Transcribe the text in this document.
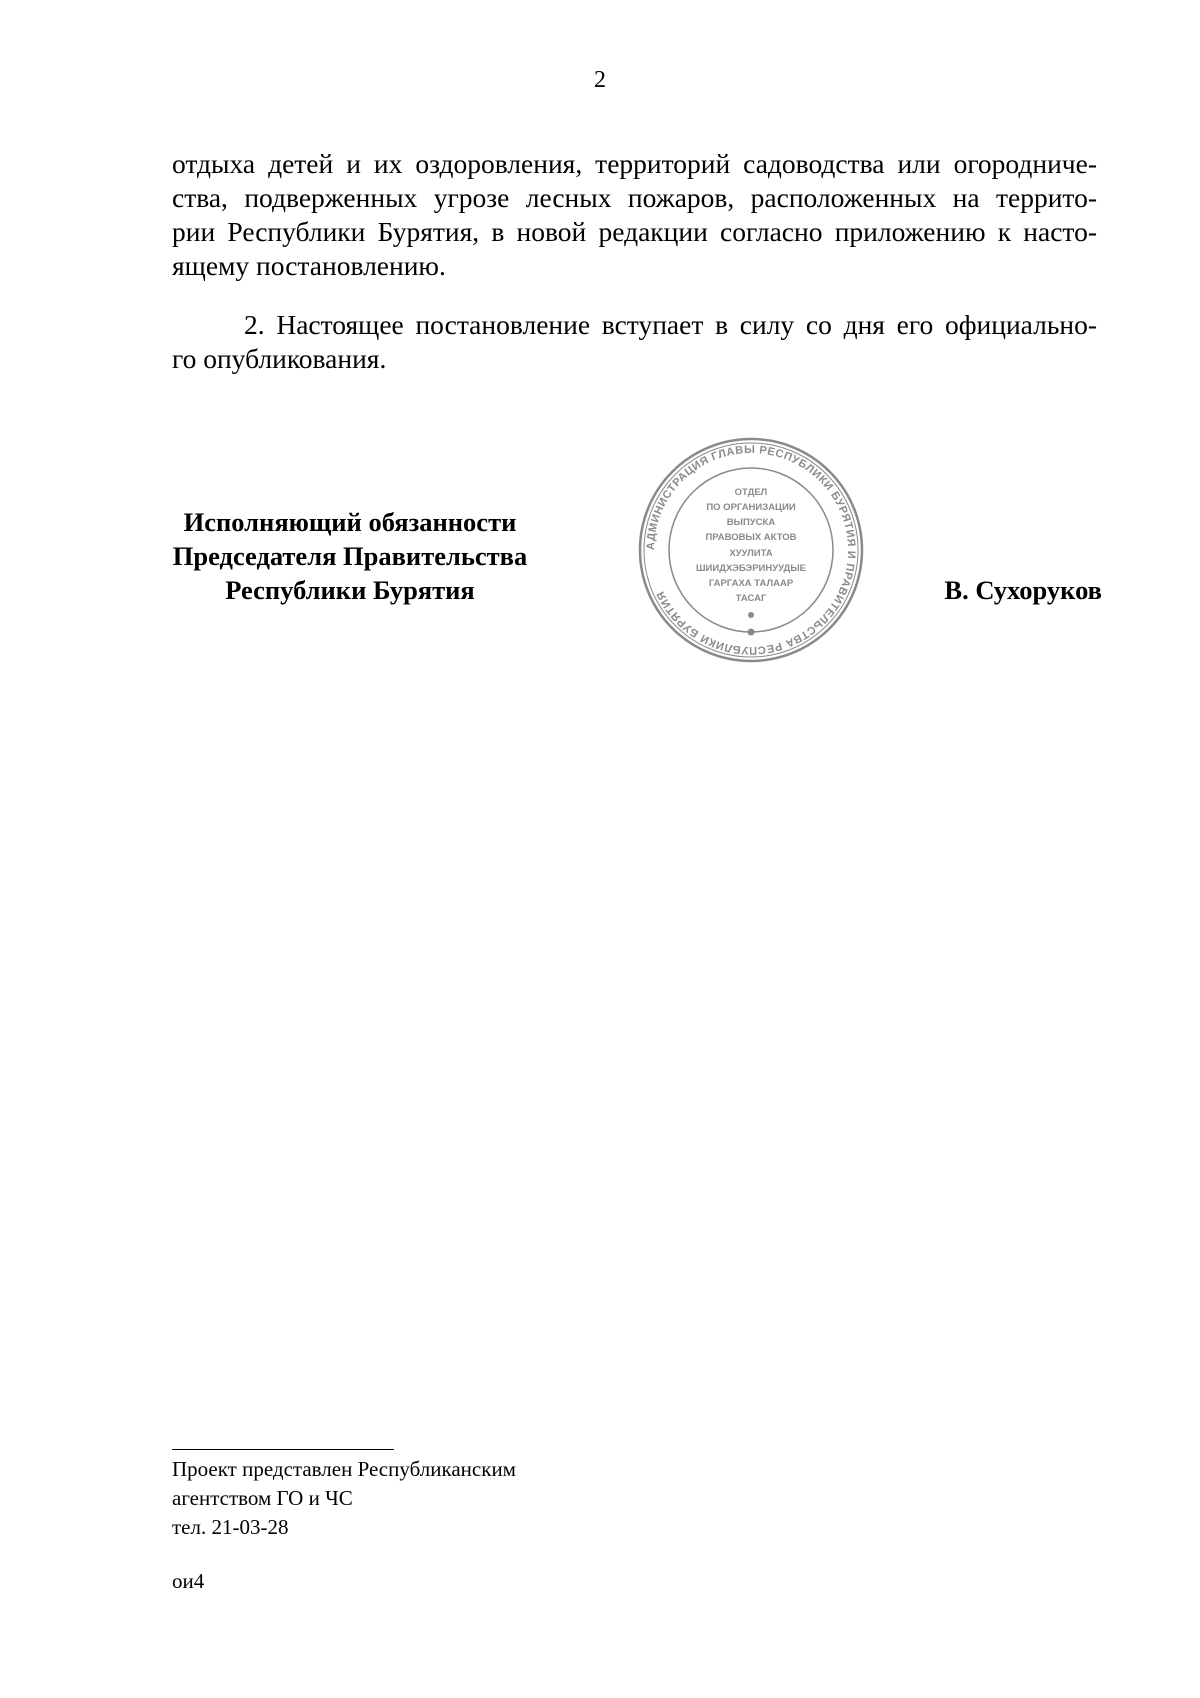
2
отдыха детей и их оздоровления, территорий садоводства или огородниче-
ства, подверженных угрозе лесных пожаров, расположенных на террито-
рии Республики Бурятия, в новой редакции согласно приложению к насто-
ящему постановлению.
2. Настоящее постановление вступает в силу со дня его официально-
го опубликования.
Исполняющий обязанности
Председателя Правительства
Республики Бурятия
АДМИНИСТРАЦИЯ ГЛАВЫ РЕСПУБЛИКИ БУРЯТИЯ И ПРАВИТЕЛЬСТВА РЕСПУБЛИКИ БУРЯТИЯ
ОТДЕЛ
ПО ОРГАНИЗАЦИИ
ВЫПУСКА
ПРАВОВЫХ АКТОВ
ХУУЛИТА
ШИИДХЭБЭРИНУУДЫЕ
ГАРГАХА ТАЛААР
ТАСАГ	В. Сухоруков
Проект представлен Республиканским
агентством ГО и ЧС
тел. 21-03-28
ои4
